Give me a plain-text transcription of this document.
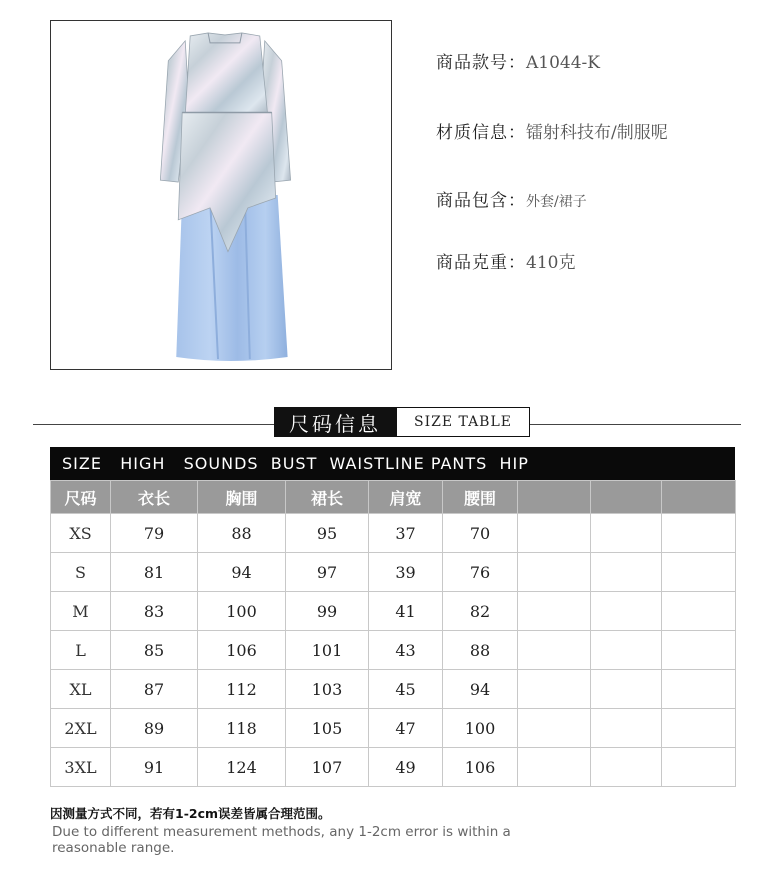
商品款号： A1044-K
材质信息： 镭射科技布/制服呢
商品包含： 外套/裙子
商品克重： 410克
尺码信息	SIZE TABLE
SIZE   HIGH   SOUNDS  BUST  WAISTLINE PANTS  HIP
尺码	衣长	胸围	裙长	肩宽	腰围			
XS	79	88	95	37	70			
S	81	94	97	39	76			
M	83	100	99	41	82			
L	85	106	101	43	88			
XL	87	112	103	45	94			
2XL	89	118	105	47	100			
3XL	91	124	107	49	106			
因测量方式不同，若有1-2cm误差皆属合理范围。
Due to different measurement methods, any 1-2cm error is within a reasonable range.
